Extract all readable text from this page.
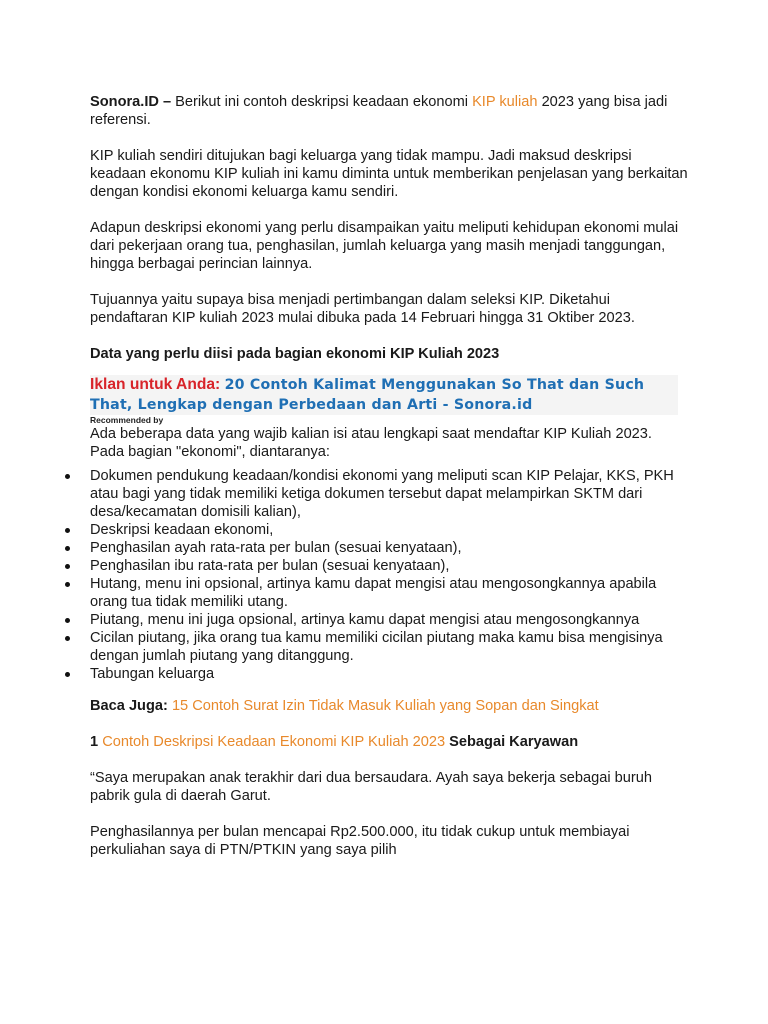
Sonora.ID – Berikut ini contoh deskripsi keadaan ekonomi KIP kuliah 2023 yang bisa jadi referensi.

KIP kuliah sendiri ditujukan bagi keluarga yang tidak mampu. Jadi maksud deskripsi keadaan ekonomu KIP kuliah ini kamu diminta untuk memberikan penjelasan yang berkaitan dengan kondisi ekonomi keluarga kamu sendiri.

Adapun deskripsi ekonomi yang perlu disampaikan yaitu meliputi kehidupan ekonomi mulai dari pekerjaan orang tua, penghasilan, jumlah keluarga yang masih menjadi tanggungan, hingga berbagai perincian lainnya.

Tujuannya yaitu supaya bisa menjadi pertimbangan dalam seleksi KIP. Diketahui pendaftaran KIP kuliah 2023 mulai dibuka pada 14 Februari hingga 31 Oktiber 2023.

Data yang perlu diisi pada bagian ekonomi KIP Kuliah 2023

Iklan untuk Anda: 20 Contoh Kalimat Menggunakan So That dan Such That, Lengkap dengan Perbedaan dan Arti - Sonora.id

Recommended by

Ada beberapa data yang wajib kalian isi atau lengkapi saat mendaftar KIP Kuliah 2023. Pada bagian "ekonomi", diantaranya:

Dokumen pendukung keadaan/kondisi ekonomi yang meliputi scan KIP Pelajar, KKS, PKH atau bagi yang tidak memiliki ketiga dokumen tersebut dapat melampirkan SKTM dari desa/kecamatan domisili kalian),
Deskripsi keadaan ekonomi,
Penghasilan ayah rata-rata per bulan (sesuai kenyataan),
Penghasilan ibu rata-rata per bulan (sesuai kenyataan),
Hutang, menu ini opsional, artinya kamu dapat mengisi atau mengosongkannya apabila orang tua tidak memiliki utang.
Piutang, menu ini juga opsional, artinya kamu dapat mengisi atau mengosongkannya
Cicilan piutang, jika orang tua kamu memiliki cicilan piutang maka kamu bisa mengisinya dengan jumlah piutang yang ditanggung.
Tabungan keluarga

Baca Juga: 15 Contoh Surat Izin Tidak Masuk Kuliah yang Sopan dan Singkat

1 Contoh Deskripsi Keadaan Ekonomi KIP Kuliah 2023 Sebagai Karyawan

“Saya merupakan anak terakhir dari dua bersaudara. Ayah saya bekerja sebagai buruh pabrik gula di daerah Garut.

Penghasilannya per bulan mencapai Rp2.500.000, itu tidak cukup untuk membiayai perkuliahan saya di PTN/PTKIN yang saya pilih
